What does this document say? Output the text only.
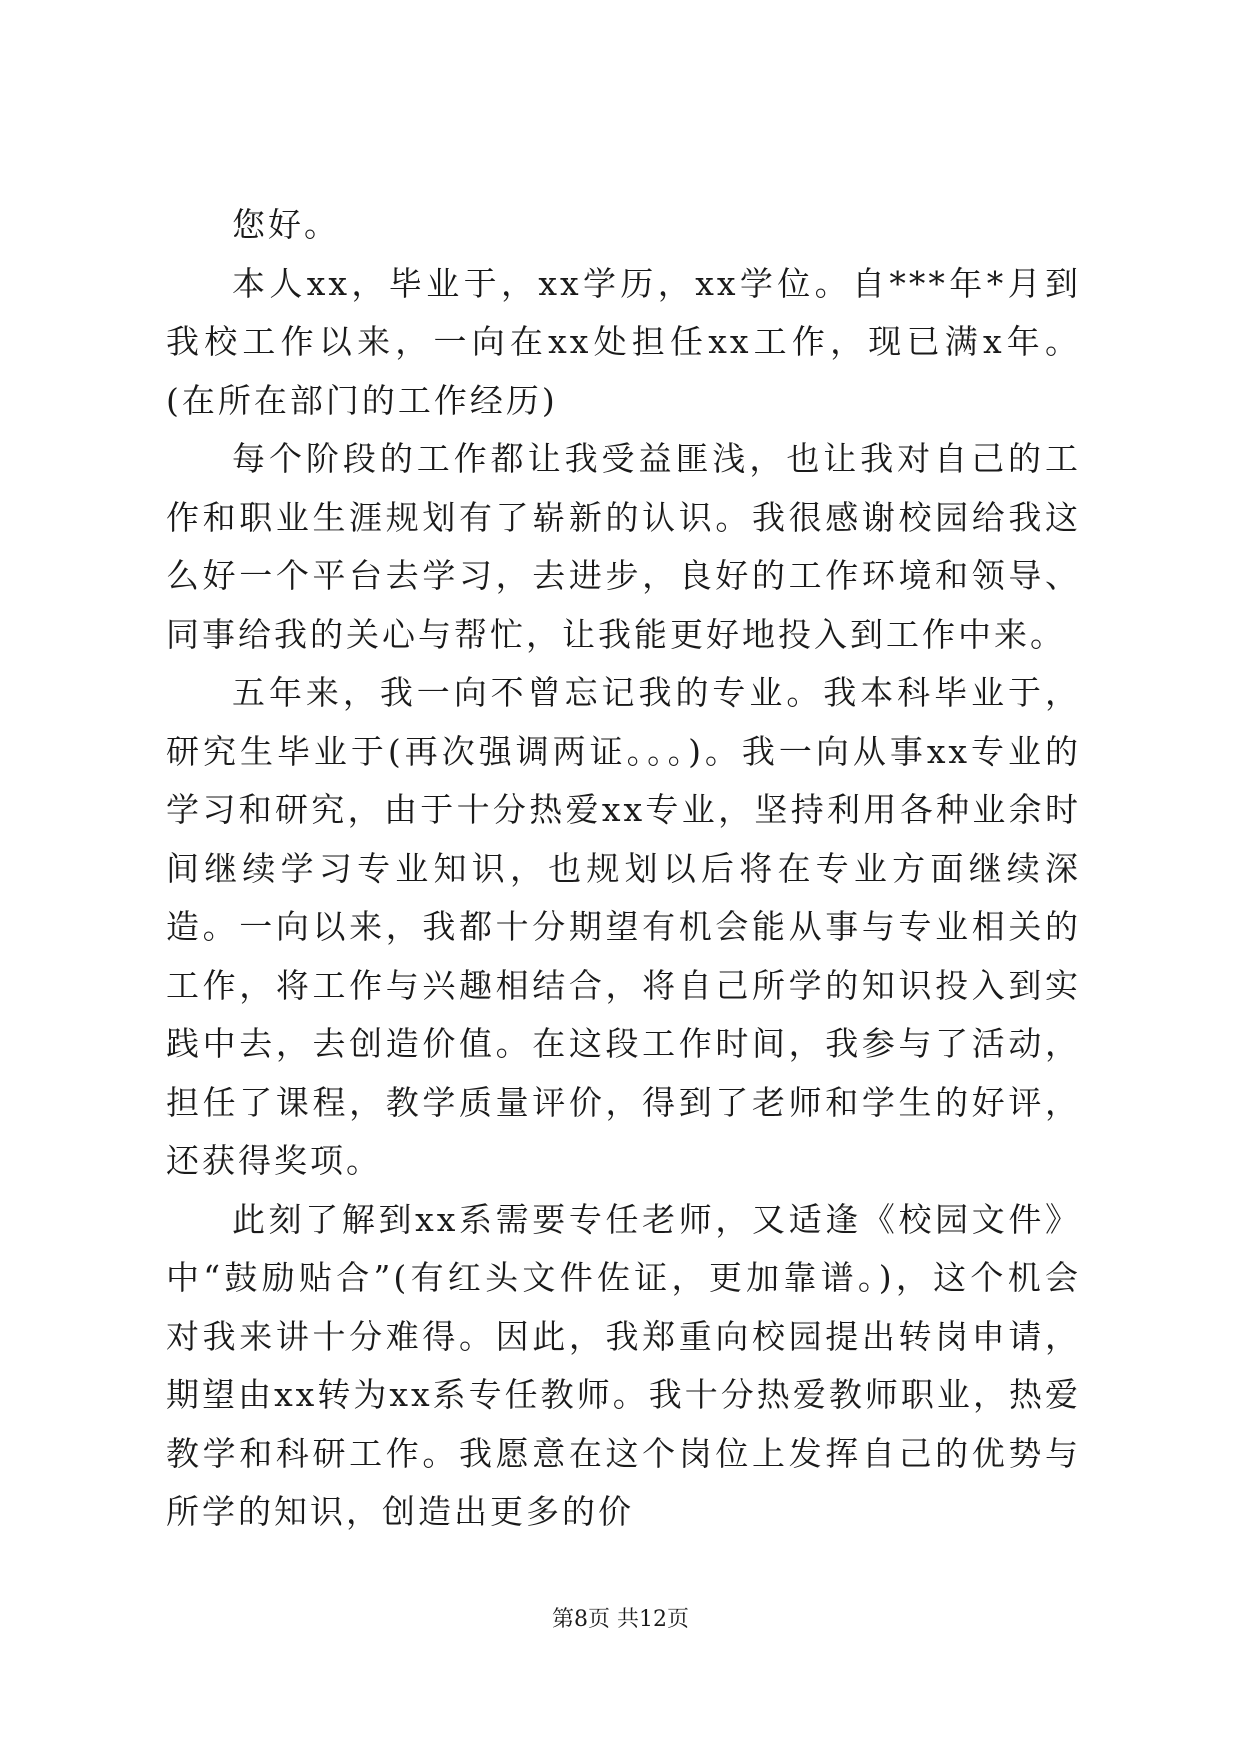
您好。

本人xx，毕业于，xx学历，xx学位。自***年*月到我校工作以来，一向在xx处担任xx工作，现已满x年。(在所在部门的工作经历)

每个阶段的工作都让我受益匪浅，也让我对自己的工作和职业生涯规划有了崭新的认识。我很感谢校园给我这么好一个平台去学习，去进步，良好的工作环境和领导、同事给我的关心与帮忙，让我能更好地投入到工作中来。

五年来，我一向不曾忘记我的专业。我本科毕业于，研究生毕业于(再次强调两证。。。)。我一向从事xx专业的学习和研究，由于十分热爱xx专业，坚持利用各种业余时间继续学习专业知识，也规划以后将在专业方面继续深造。一向以来，我都十分期望有机会能从事与专业相关的工作，将工作与兴趣相结合，将自己所学的知识投入到实践中去，去创造价值。在这段工作时间，我参与了活动，担任了课程，教学质量评价，得到了老师和学生的好评，还获得奖项。

此刻了解到xx系需要专任老师，又适逢《校园文件》中“鼓励贴合”(有红头文件佐证，更加靠谱。)，这个机会对我来讲十分难得。因此，我郑重向校园提出转岗申请，期望由xx转为xx系专任教师。我十分热爱教师职业，热爱教学和科研工作。我愿意在这个岗位上发挥自己的优势与所学的知识，创造出更多的价

第8页 共12页
